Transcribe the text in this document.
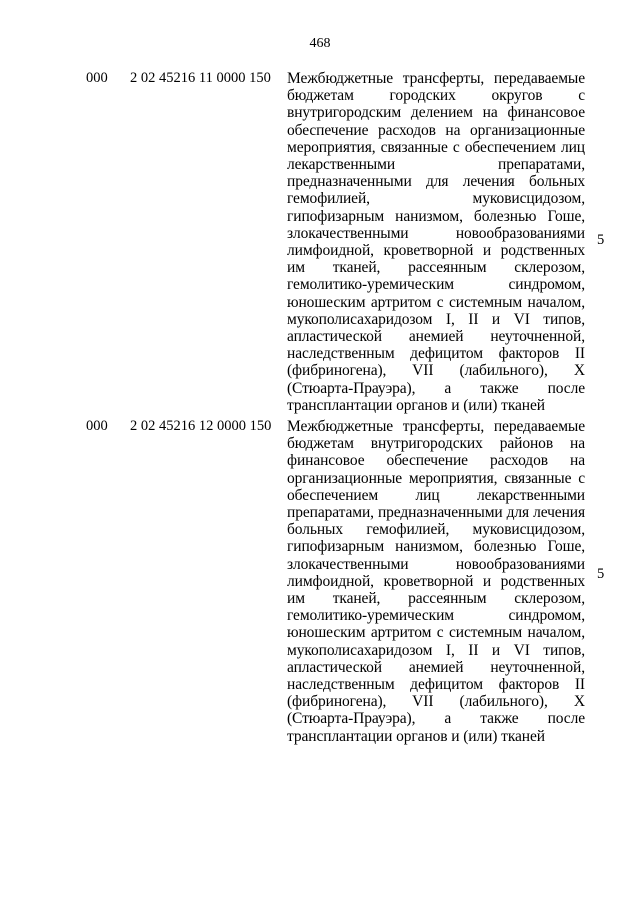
468
000 2 02 45216 11 0000 150 Межбюджетные трансферты, передаваемые бюджетам городских округов с внутригородским делением на финансовое обеспечение расходов на организационные мероприятия, связанные с обеспечением лиц лекарственными препаратами, предназначенными для лечения больных гемофилией, муковисцидозом, гипофизарным нанизмом, болезнью Гоше, злокачественными новообразованиями лимфоидной, кроветворной и родственных им тканей, рассеянным склерозом, гемолитико-уремическим синдромом, юношеским артритом с системным началом, мукополисахаридозом I, II и VI типов, апластической анемией неуточненной, наследственным дефицитом факторов II (фибриногена), VII (лабильного), X (Стюарта-Прауэра), а также после трансплантации органов и (или) тканей
5
000 2 02 45216 12 0000 150 Межбюджетные трансферты, передаваемые бюджетам внутригородских районов на финансовое обеспечение расходов на организационные мероприятия, связанные с обеспечением лиц лекарственными препаратами, предназначенными для лечения больных гемофилией, муковисцидозом, гипофизарным нанизмом, болезнью Гоше, злокачественными новообразованиями лимфоидной, кроветворной и родственных им тканей, рассеянным склерозом, гемолитико-уремическим синдромом, юношеским артритом с системным началом, мукополисахаридозом I, II и VI типов, апластической анемией неуточненной, наследственным дефицитом факторов II (фибриногена), VII (лабильного), X (Стюарта-Прауэра), а также после трансплантации органов и (или) тканей
5
